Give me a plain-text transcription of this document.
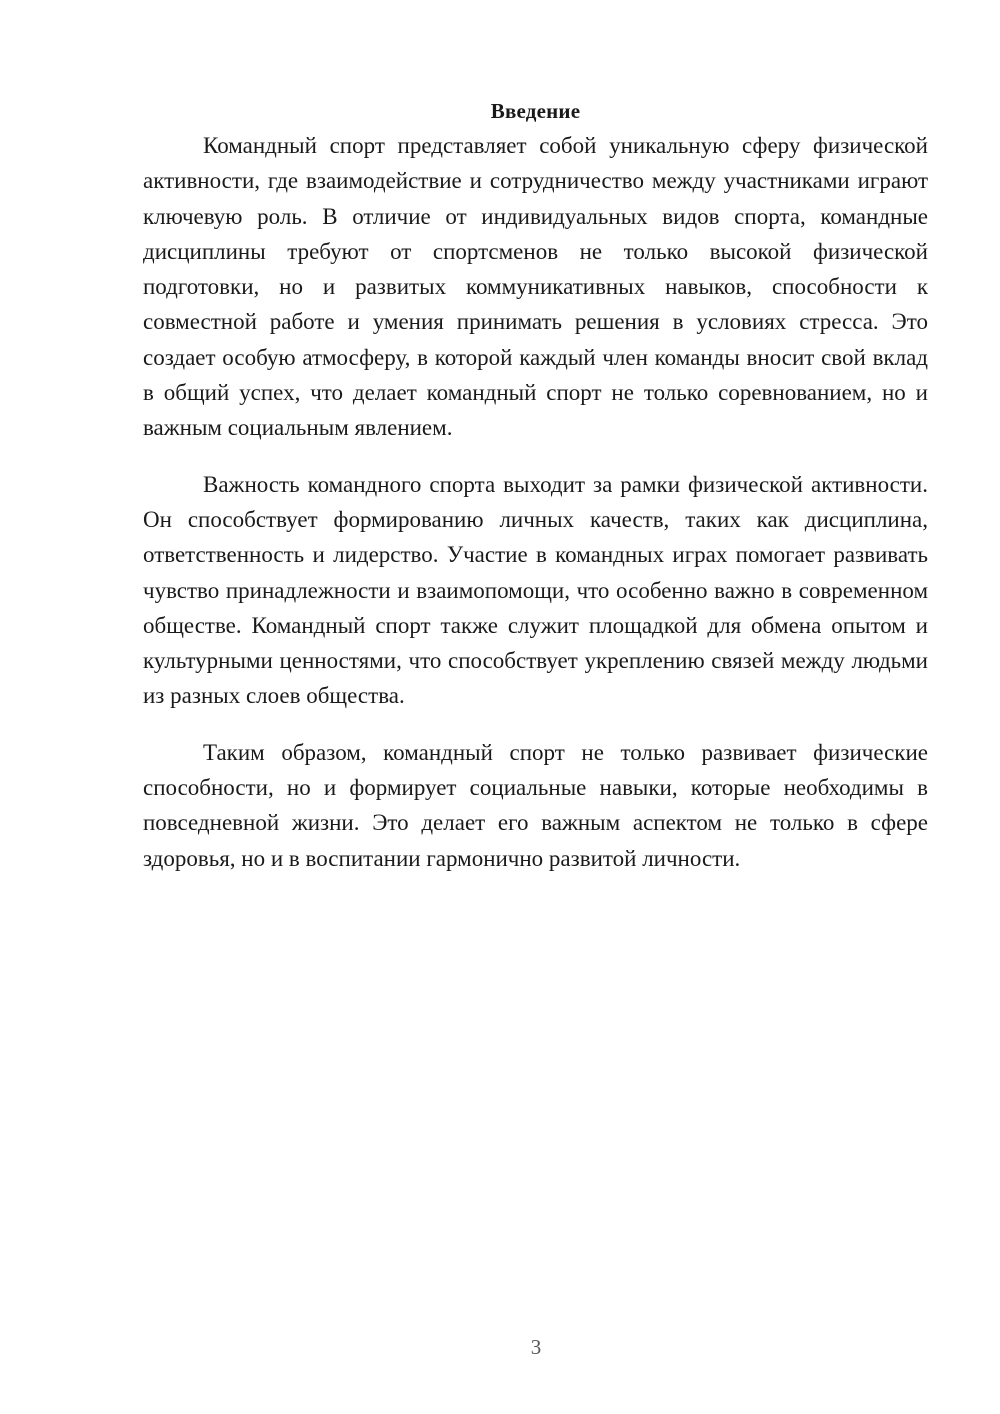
Введение

Командный спорт представляет собой уникальную сферу физической активности, где взаимодействие и сотрудничество между участниками играют ключевую роль. В отличие от индивидуальных видов спорта, командные дисциплины требуют от спортсменов не только высокой физической подготовки, но и развитых коммуникативных навыков, способности к совместной работе и умения принимать решения в условиях стресса. Это создает особую атмосферу, в которой каждый член команды вносит свой вклад в общий успех, что делает командный спорт не только соревнованием, но и важным социальным явлением.

Важность командного спорта выходит за рамки физической активности. Он способствует формированию личных качеств, таких как дисциплина, ответственность и лидерство. Участие в командных играх помогает развивать чувство принадлежности и взаимопомощи, что особенно важно в современном обществе. Командный спорт также служит площадкой для обмена опытом и культурными ценностями, что способствует укреплению связей между людьми из разных слоев общества.

Таким образом, командный спорт не только развивает физические способности, но и формирует социальные навыки, которые необходимы в повседневной жизни. Это делает его важным аспектом не только в сфере здоровья, но и в воспитании гармонично развитой личности.

3
